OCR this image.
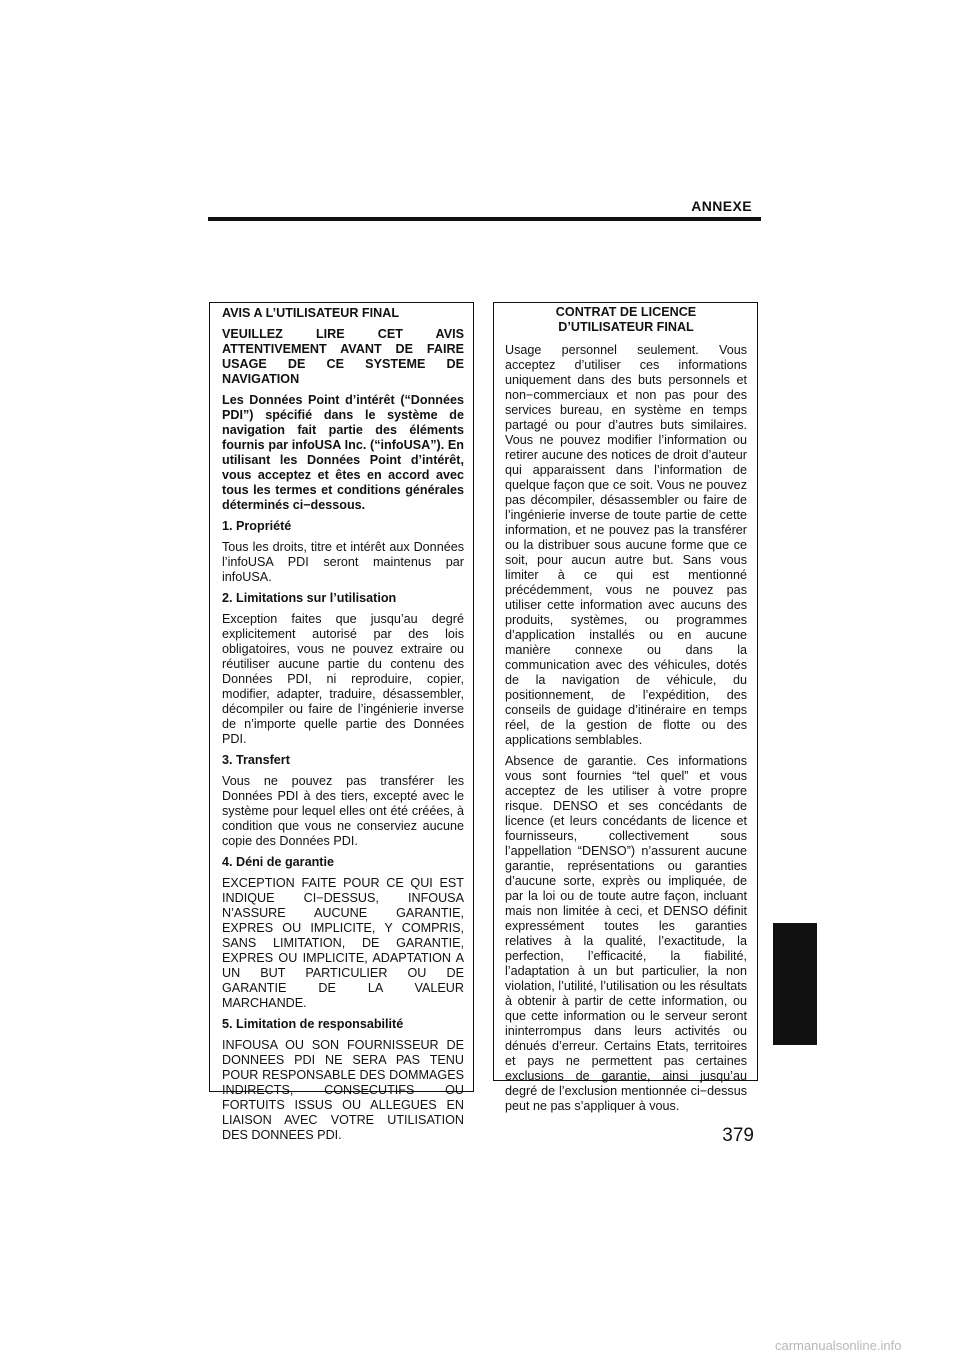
ANNEXE

AVIS A L’UTILISATEUR FINAL

VEUILLEZ LIRE CET AVIS ATTENTIVEMENT AVANT DE FAIRE USAGE DE CE SYSTEME DE NAVIGATION

Les Données Point d’intérêt (“Données PDI”) spécifié dans le système de navigation fait partie des éléments fournis par infoUSA Inc. (“infoUSA”). En utilisant les Données Point d’intérêt, vous acceptez et êtes en accord avec tous les termes et conditions générales déterminés ci−dessous.

1. Propriété

Tous les droits, titre et intérêt aux Données l’infoUSA PDI seront maintenus par infoUSA.

2. Limitations sur l’utilisation

Exception faites que jusqu’au degré explicitement autorisé par des lois obligatoires, vous ne pouvez extraire ou réutiliser aucune partie du contenu des Données PDI, ni reproduire, copier, modifier, adapter, traduire, désassembler, décompiler ou faire de l’ingénierie inverse de n’importe quelle partie des Données PDI.

3. Transfert

Vous ne pouvez pas transférer les Données PDI à des tiers, excepté avec le système pour lequel elles ont été créées, à condition que vous ne conserviez aucune copie des Données PDI.

4. Déni de garantie

EXCEPTION FAITE POUR CE QUI EST INDIQUE CI−DESSUS, INFOUSA N’ASSURE AUCUNE GARANTIE, EXPRES OU IMPLICITE, Y COMPRIS, SANS LIMITATION, DE GARANTIE, EXPRES OU IMPLICITE, ADAPTATION A UN BUT PARTICULIER OU DE GARANTIE DE LA VALEUR MARCHANDE.

5. Limitation de responsabilité

INFOUSA OU SON FOURNISSEUR DE DONNEES PDI NE SERA PAS TENU POUR RESPONSABLE DES DOMMAGES INDIRECTS, CONSECUTIFS OU FORTUITS ISSUS OU ALLEGUES EN LIAISON AVEC VOTRE UTILISATION DES DONNEES PDI.

CONTRAT DE LICENCE
D’UTILISATEUR FINAL

Usage personnel seulement. Vous acceptez d’utiliser ces informations uniquement dans des buts personnels et non−commerciaux et non pas pour des services bureau, en système en temps partagé ou pour d’autres buts similaires. Vous ne pouvez modifier l’information ou retirer aucune des notices de droit d’auteur qui apparaissent dans l’information de quelque façon que ce soit. Vous ne pouvez pas décompiler, désassembler ou faire de l’ingénierie inverse de toute partie de cette information, et ne pouvez pas la transférer ou la distribuer sous aucune forme que ce soit, pour aucun autre but. Sans vous limiter à ce qui est mentionné précédemment, vous ne pouvez pas utiliser cette information avec aucuns des produits, systèmes, ou programmes d’application installés ou en aucune manière connexe ou dans la communication avec des véhicules, dotés de la navigation de véhicule, du positionnement, de l’expédition, des conseils de guidage d’itinéraire en temps réel, de la gestion de flotte ou des applications semblables.

Absence de garantie. Ces informations vous sont fournies “tel quel” et vous acceptez de les utiliser à votre propre risque. DENSO et ses concédants de licence (et leurs concédants de licence et fournisseurs, collectivement sous l’appellation “DENSO”) n’assurent aucune garantie, représentations ou garanties d’aucune sorte, exprès ou impliquée, de par la loi ou de toute autre façon, incluant mais non limitée à ceci, et DENSO définit expressément toutes les garanties relatives à la qualité, l’exactitude, la perfection, l’efficacité, la fiabilité, l’adaptation à un but particulier, la non violation, l’utilité, l’utilisation ou les résultats à obtenir à partir de cette information, ou que cette information ou le serveur seront ininterrompus dans leurs activités ou dénués d’erreur. Certains Etats, territoires et pays ne permettent pas certaines exclusions de garantie, ainsi jusqu’au degré de l’exclusion mentionnée ci−dessus peut ne pas s’appliquer à vous.

379
carmanualsonline.info
